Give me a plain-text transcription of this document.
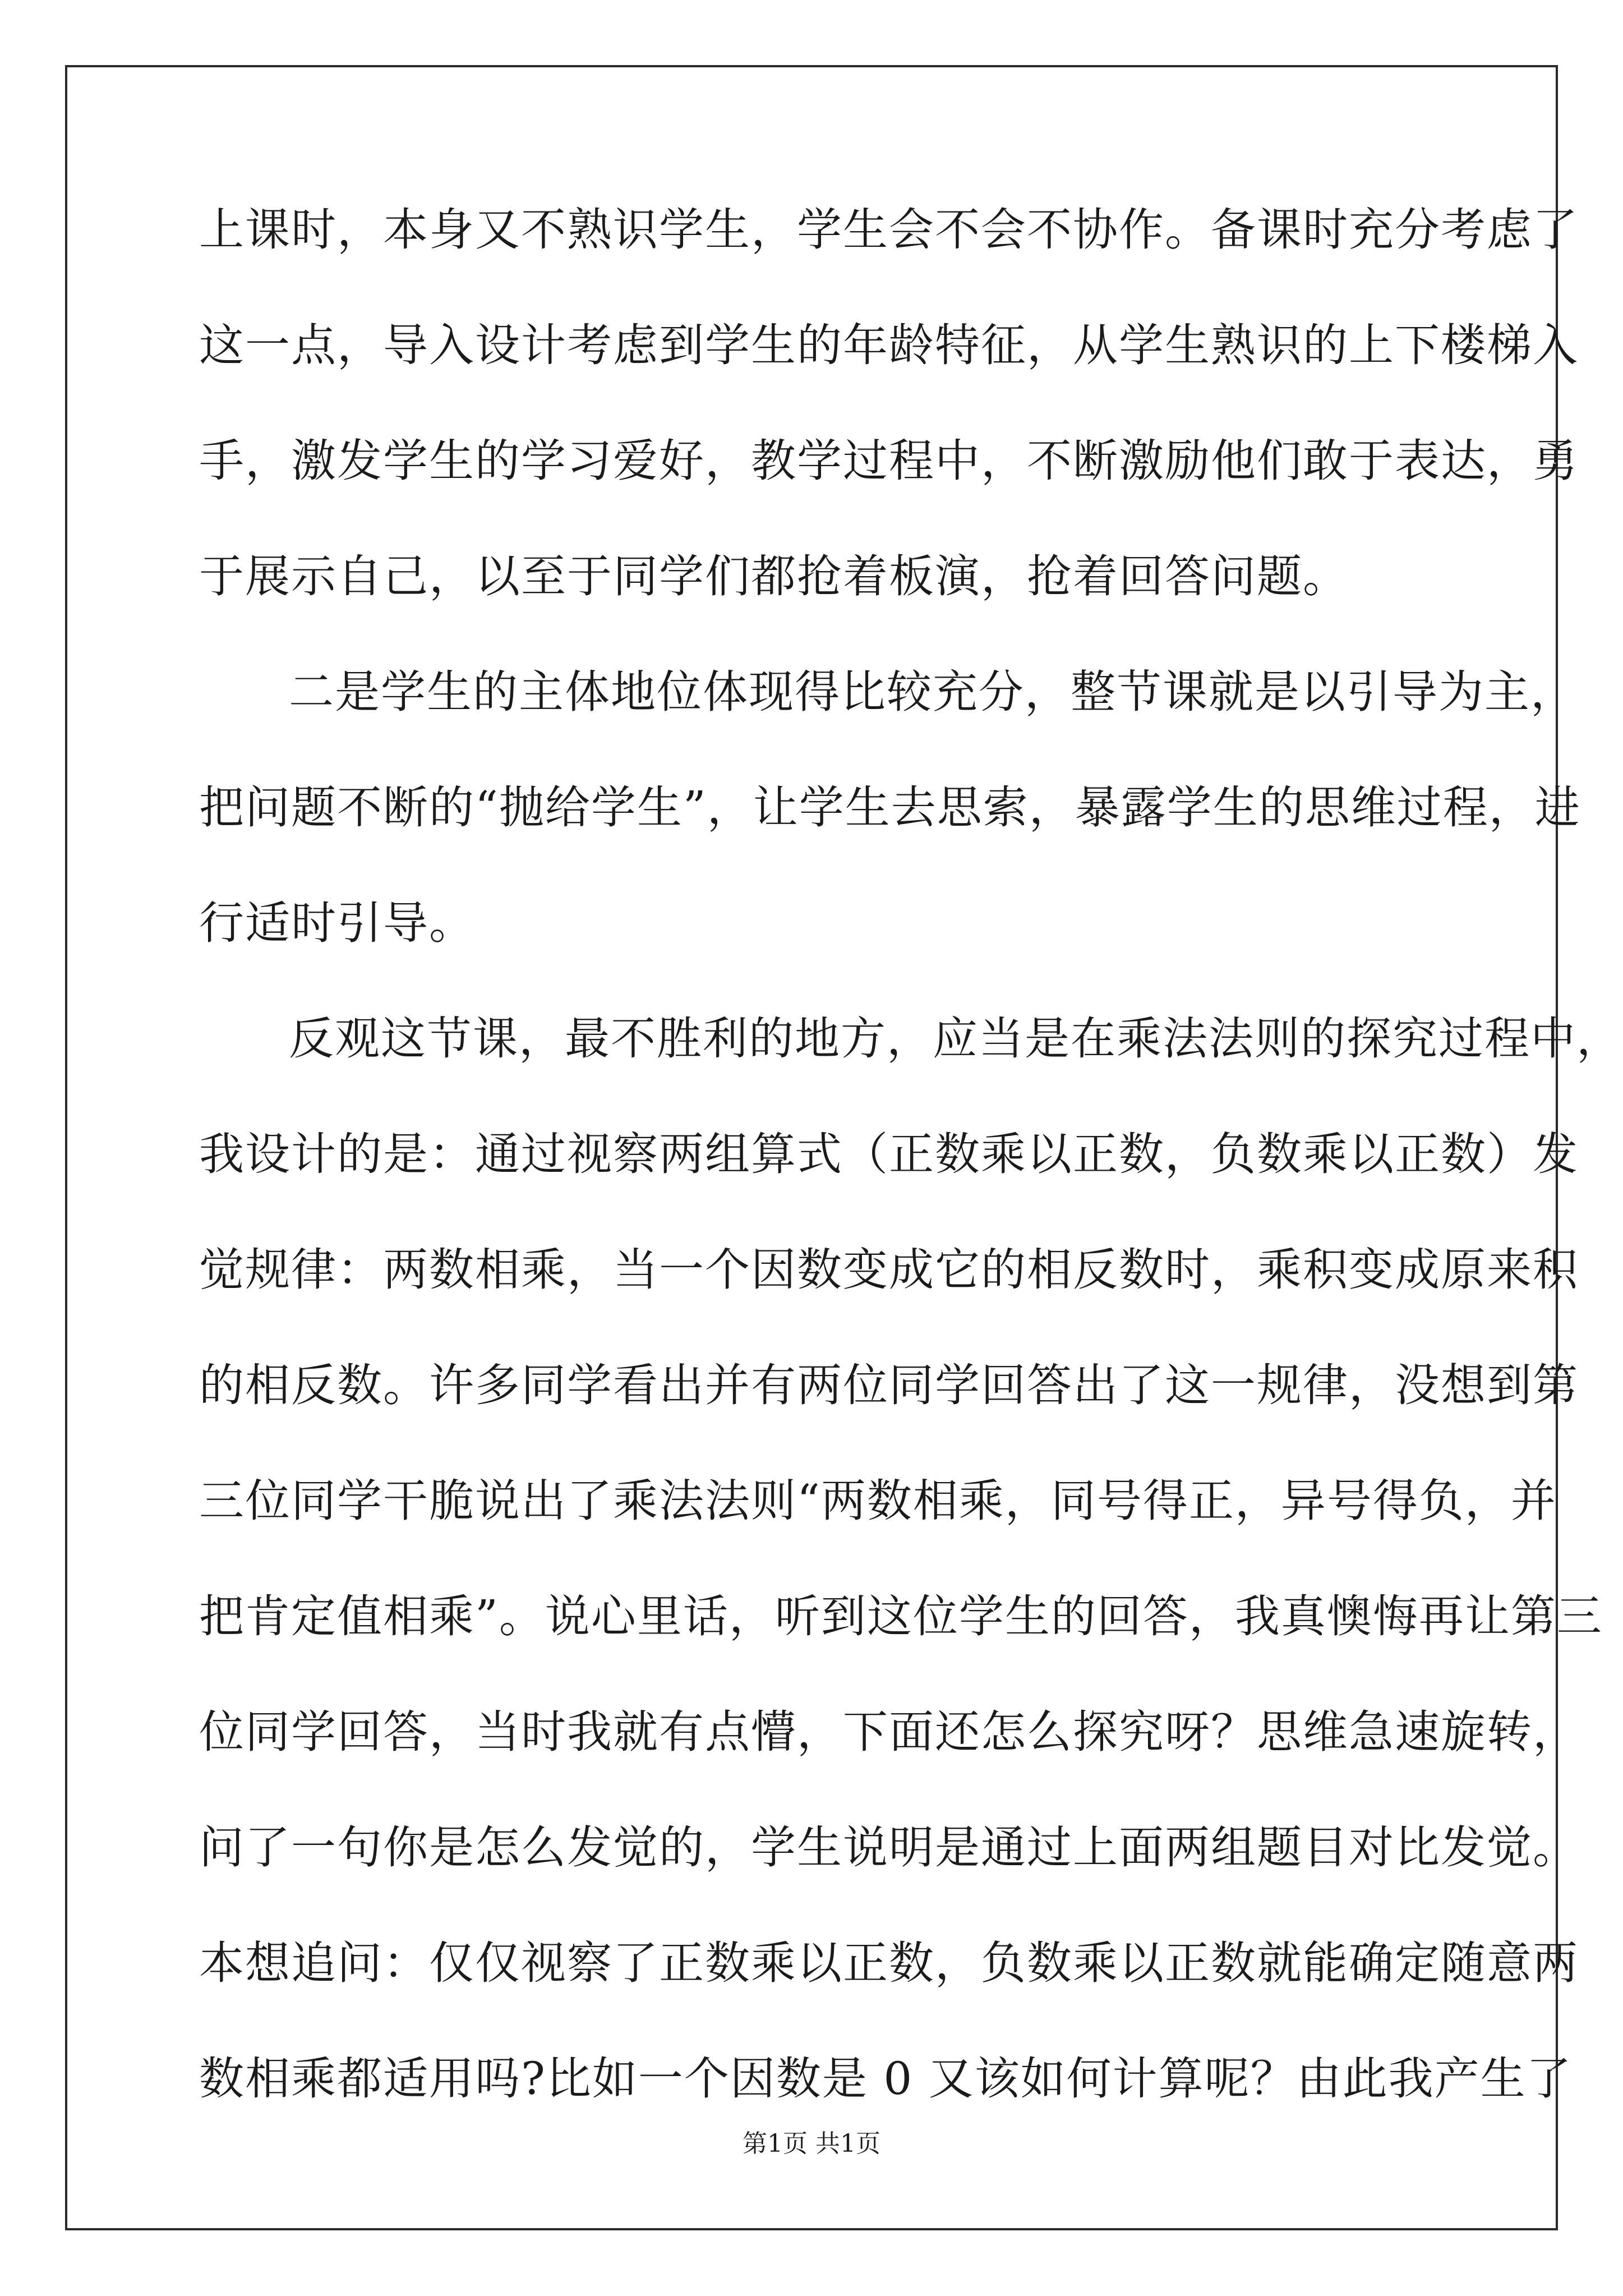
上课时，本身又不熟识学生，学生会不会不协作。备课时充分考虑了
这一点，导入设计考虑到学生的年龄特征，从学生熟识的上下楼梯入
手，激发学生的学习爱好，教学过程中，不断激励他们敢于表达，勇
于展示自己，以至于同学们都抢着板演，抢着回答问题。
二是学生的主体地位体现得比较充分，整节课就是以引导为主，
把问题不断的“抛给学生”，让学生去思索，暴露学生的思维过程，进
行适时引导。
反观这节课，最不胜利的地方，应当是在乘法法则的探究过程中，
我设计的是：通过视察两组算式（正数乘以正数，负数乘以正数）发
觉规律：两数相乘，当一个因数变成它的相反数时，乘积变成原来积
的相反数。许多同学看出并有两位同学回答出了这一规律，没想到第
三位同学干脆说出了乘法法则“两数相乘，同号得正，异号得负，并
把肯定值相乘”。说心里话，听到这位学生的回答，我真懊悔再让第三
位同学回答，当时我就有点懵，下面还怎么探究呀？思维急速旋转，
问了一句你是怎么发觉的，学生说明是通过上面两组题目对比发觉。
本想追问：仅仅视察了正数乘以正数，负数乘以正数就能确定随意两
数相乘都适用吗?比如一个因数是 0 又该如何计算呢？由此我产生了
第1页 共1页
